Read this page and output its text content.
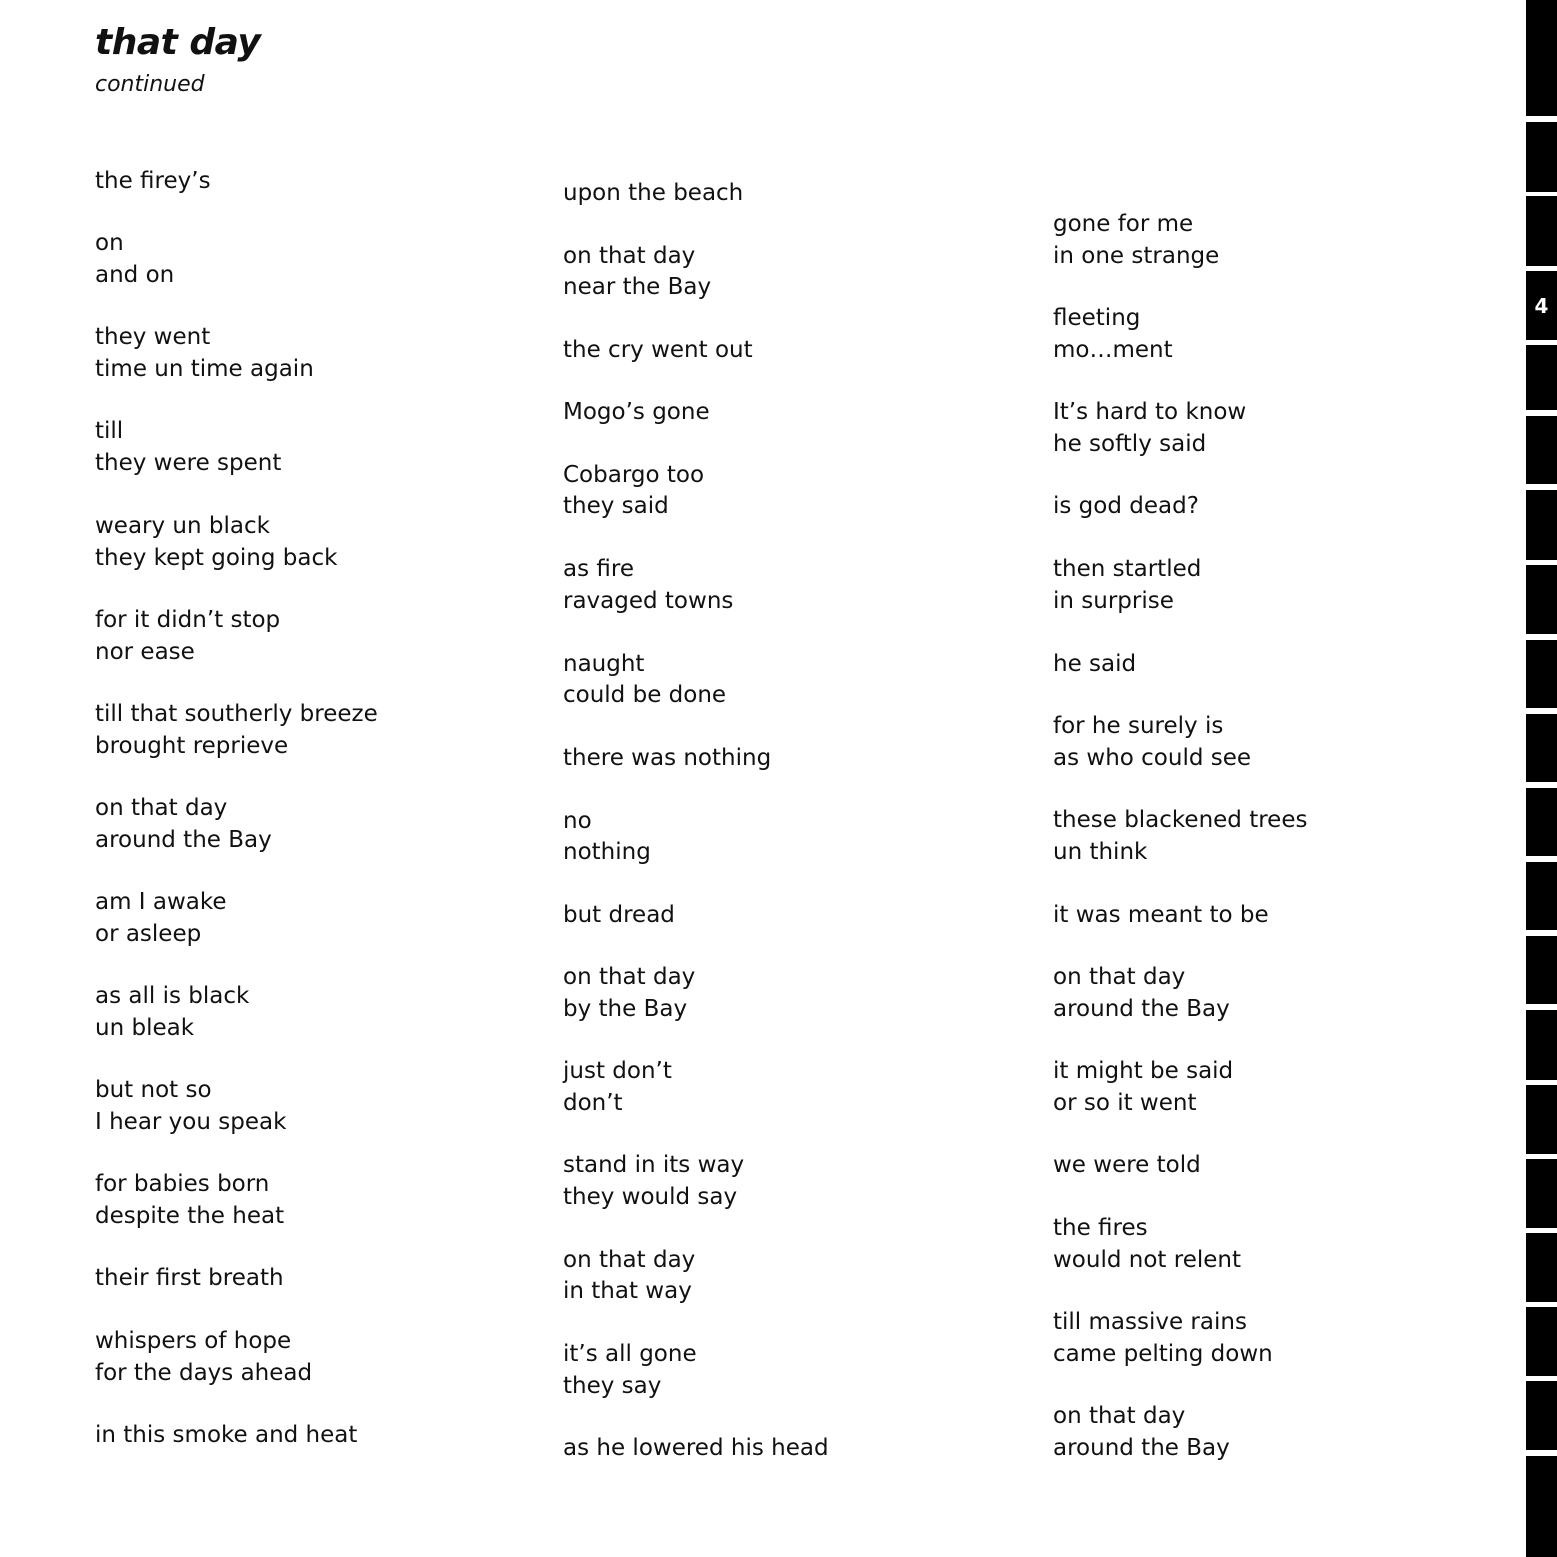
that day
continued
the firey’s
on
and on
they went
time un time again
till
they were spent
weary un black
they kept going back
for it didn’t stop
nor ease
till that southerly breeze
brought reprieve
on that day
around the Bay
am I awake
or asleep
as all is black
un bleak
but not so
I hear you speak
for babies born
despite the heat
their first breath
whispers of hope
for the days ahead
in this smoke and heat
upon the beach
on that day
near the Bay
the cry went out
Mogo’s gone
Cobargo too
they said
as fire
ravaged towns
naught
could be done
there was nothing
no
nothing
but dread
on that day
by the Bay
just don’t
don’t
stand in its way
they would say
on that day
in that way
it’s all gone
they say
as he lowered his head
gone for me
in one strange
fleeting
mo…ment
It’s hard to know
he softly said
is god dead?
then startled
in surprise
he said
for he surely is
as who could see
these blackened trees
un think
it was meant to be
on that day
around the Bay
it might be said
or so it went
we were told
the fires
would not relent
till massive rains
came pelting down
on that day
around the Bay
4
